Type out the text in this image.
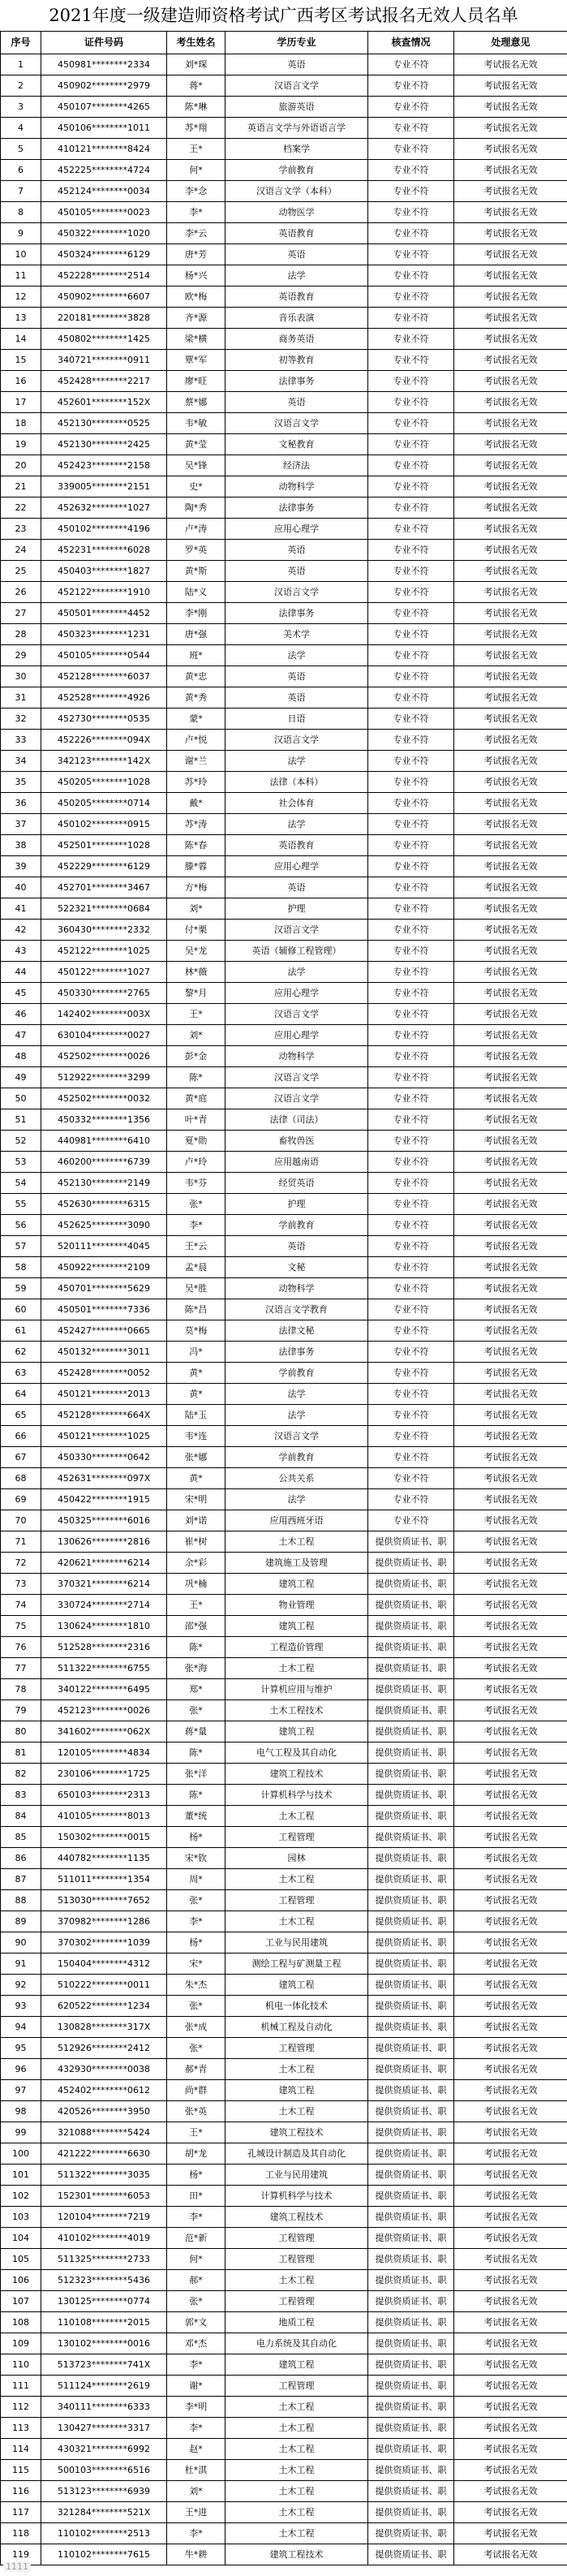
2021年度一级建造师资格考试广西考区考试报名无效人员名单
序号	证件号码	考生姓名	学历专业	核查情况	处理意见
1	450981********2334	刘*琛	英语	专业不符	考试报名无效
2	450902********2979	蒋*	汉语言文学	专业不符	考试报名无效
3	450107********4265	陈*琳	旅游英语	专业不符	考试报名无效
4	450106********1011	苏*翔	英语言文学与外语语言学	专业不符	考试报名无效
5	410121********8424	王*	档案学	专业不符	考试报名无效
6	452225********4724	何*	学前教育	专业不符	考试报名无效
7	452124********0034	李*念	汉语言文学（本科）	专业不符	考试报名无效
8	450105********0023	李*	动物医学	专业不符	考试报名无效
9	450322********1020	李*云	英语教育	专业不符	考试报名无效
10	450324********6129	唐*芳	英语	专业不符	考试报名无效
11	452228********2514	杨*兴	法学	专业不符	考试报名无效
12	450902********6607	欧*梅	英语教育	专业不符	考试报名无效
13	220181********3828	齐*源	音乐表演	专业不符	考试报名无效
14	450802********1425	梁*横	商务英语	专业不符	考试报名无效
15	340721********0911	覃*军	初等教育	专业不符	考试报名无效
16	452428********2217	廖*旺	法律事务	专业不符	考试报名无效
17	452601********152X	蔡*娜	英语	专业不符	考试报名无效
18	452130********0525	韦*敏	汉语言文学	专业不符	考试报名无效
19	452130********2425	黄*莹	文秘教育	专业不符	考试报名无效
20	452423********2158	吴*锋	经济法	专业不符	考试报名无效
21	339005********2151	史*	动物科学	专业不符	考试报名无效
22	452632********1027	陶*秀	法律事务	专业不符	考试报名无效
23	450102********4196	卢*涛	应用心理学	专业不符	考试报名无效
24	452231********6028	罗*英	英语	专业不符	考试报名无效
25	450403********1827	黄*斯	英语	专业不符	考试报名无效
26	452122********1910	陆*义	汉语言文学	专业不符	考试报名无效
27	450501********4452	李*刚	法律事务	专业不符	考试报名无效
28	450323********1231	唐*强	美术学	专业不符	考试报名无效
29	450105********0544	班*	法学	专业不符	考试报名无效
30	452128********6037	黄*忠	英语	专业不符	考试报名无效
31	452528********4926	黄*秀	英语	专业不符	考试报名无效
32	452730********0535	蒙*	日语	专业不符	考试报名无效
33	452226********094X	卢*悦	汉语言文学	专业不符	考试报名无效
34	342123********142X	谢*兰	法学	专业不符	考试报名无效
35	450205********1028	苏*玲	法律（本科）	专业不符	考试报名无效
36	450205********0714	戴*	社会体育	专业不符	考试报名无效
37	450102********0915	苏*涛	法学	专业不符	考试报名无效
38	452501********1028	陈*春	英语教育	专业不符	考试报名无效
39	452229********6129	滕*蓉	应用心理学	专业不符	考试报名无效
40	452701********3467	方*梅	英语	专业不符	考试报名无效
41	522321********0684	刘*	护理	专业不符	考试报名无效
42	360430********2332	付*栗	汉语言文学	专业不符	考试报名无效
43	452122********1025	吴*龙	英语（辅修工程管理）	专业不符	考试报名无效
44	450122********1027	林*薇	法学	专业不符	考试报名无效
45	450330********2765	黎*月	应用心理学	专业不符	考试报名无效
46	142402********003X	王*	汉语言文学	专业不符	考试报名无效
47	630104********0027	刘*	应用心理学	专业不符	考试报名无效
48	452502********0026	彭*金	动物科学	专业不符	考试报名无效
49	512922********3299	陈*	汉语言文学	专业不符	考试报名无效
50	452502********0032	黄*庭	汉语言文学	专业不符	考试报名无效
51	450332********1356	叶*青	法律（司法）	专业不符	考试报名无效
52	440981********6410	夏*勋	畜牧兽医	专业不符	考试报名无效
53	460200********6739	卢*玲	应用越南语	专业不符	考试报名无效
54	452130********2149	韦*芬	经贸英语	专业不符	考试报名无效
55	452630********6315	张*	护理	专业不符	考试报名无效
56	452625********3090	李*	学前教育	专业不符	考试报名无效
57	520111********4045	王*云	英语	专业不符	考试报名无效
58	450922********2109	孟*晨	文秘	专业不符	考试报名无效
59	450701********5629	吴*胜	动物科学	专业不符	考试报名无效
60	450501********7336	陈*昌	汉语言文学教育	专业不符	考试报名无效
61	452427********0665	莫*梅	法律文秘	专业不符	考试报名无效
62	450132********3011	冯*	法律事务	专业不符	考试报名无效
63	452428********0052	黄*	学前教育	专业不符	考试报名无效
64	450121********2013	黄*	法学	专业不符	考试报名无效
65	452128********664X	陆*玉	法学	专业不符	考试报名无效
66	450121********1025	韦*连	汉语言文学	专业不符	考试报名无效
67	450330********0642	张*娜	学前教育	专业不符	考试报名无效
68	452631********097X	黄*	公共关系	专业不符	考试报名无效
69	450422********1915	宋*明	法学	专业不符	考试报名无效
70	450325********6016	刘*诺	应用西班牙语	专业不符	考试报名无效
71	130626********2816	崔*树	土木工程	提供资质证书、职	考试报名无效
72	420621********6214	余*彩	建筑施工及管理	提供资质证书、职	考试报名无效
73	370321********6214	巩*楠	建筑工程	提供资质证书、职	考试报名无效
74	330724********2714	王*	物业管理	提供资质证书、职	考试报名无效
75	130624********1810	邵*强	建筑工程	提供资质证书、职	考试报名无效
76	512528********2316	陈*	工程造价管理	提供资质证书、职	考试报名无效
77	511322********6755	张*海	土木工程	提供资质证书、职	考试报名无效
78	340122********6495	郑*	计算机应用与维护	提供资质证书、职	考试报名无效
79	452123********0026	张*	土木工程技术	提供资质证书、职	考试报名无效
80	341602********062X	蒋*量	建筑工程	提供资质证书、职	考试报名无效
81	120105********4834	陈*	电气工程及其自动化	提供资质证书、职	考试报名无效
82	230106********1725	张*洋	建筑工程技术	提供资质证书、职	考试报名无效
83	650103********2313	陈*	计算机科学与技术	提供资质证书、职	考试报名无效
84	410105********8013	董*统	土木工程	提供资质证书、职	考试报名无效
85	150302********0015	杨*	工程管理	提供资质证书、职	考试报名无效
86	440782********1135	宋*钦	园林	提供资质证书、职	考试报名无效
87	511011********1354	周*	土木工程	提供资质证书、职	考试报名无效
88	513030********7652	张*	工程管理	提供资质证书、职	考试报名无效
89	370982********1286	李*	土木工程	提供资质证书、职	考试报名无效
90	370302********1039	杨*	工业与民用建筑	提供资质证书、职	考试报名无效
91	150404********4312	宋*	测绘工程与矿测量工程	提供资质证书、职	考试报名无效
92	510222********0011	朱*杰	建筑工程	提供资质证书、职	考试报名无效
93	620522********1234	张*	机电一体化技术	提供资质证书、职	考试报名无效
94	130828********317X	张*成	机械工程及自动化	提供资质证书、职	考试报名无效
95	512926********2412	张*	工程管理	提供资质证书、职	考试报名无效
96	432930********0038	郝*青	土木工程	提供资质证书、职	考试报名无效
97	452402********0612	尚*群	建筑工程	提供资质证书、职	考试报名无效
98	420526********3950	张*英	土木工程	提供资质证书、职	考试报名无效
99	321088********5424	王*	建筑工程技术	提供资质证书、职	考试报名无效
100	421222********6630	胡*龙	孔城设计制造及其自动化	提供资质证书、职	考试报名无效
101	511322********3035	杨*	工业与民用建筑	提供资质证书、职	考试报名无效
102	152301********6053	田*	计算机科学与技术	提供资质证书、职	考试报名无效
103	120104********7219	李*	建筑工程技术	提供资质证书、职	考试报名无效
104	410102********4019	范*新	工程管理	提供资质证书、职	考试报名无效
105	511325********2733	何*	工程管理	提供资质证书、职	考试报名无效
106	512323********5436	郝*	土木工程	提供资质证书、职	考试报名无效
107	130125********0774	张*	工程管理	提供资质证书、职	考试报名无效
108	110108********2015	郭*文	地质工程	提供资质证书、职	考试报名无效
109	130102********0016	邓*杰	电力系统及其自动化	提供资质证书、职	考试报名无效
110	513723********741X	李*	建筑工程	提供资质证书、职	考试报名无效
111	511124********2619	谢*	工程管理	提供资质证书、职	考试报名无效
112	340111********6333	李*明	土木工程	提供资质证书、职	考试报名无效
113	130427********3317	李*	土木工程	提供资质证书、职	考试报名无效
114	430321********6992	赵*	土木工程	提供资质证书、职	考试报名无效
115	500103********6516	杜*淇	土木工程	提供资质证书、职	考试报名无效
116	513123********6939	刘*	土木工程	提供资质证书、职	考试报名无效
117	321284********521X	王*进	土木工程	提供资质证书、职	考试报名无效
118	110102********2513	李*	土木工程	提供资质证书、职	考试报名无效
119	110102********7615	牛*耕	建筑工程技术	提供资质证书、职	考试报名无效
1111
